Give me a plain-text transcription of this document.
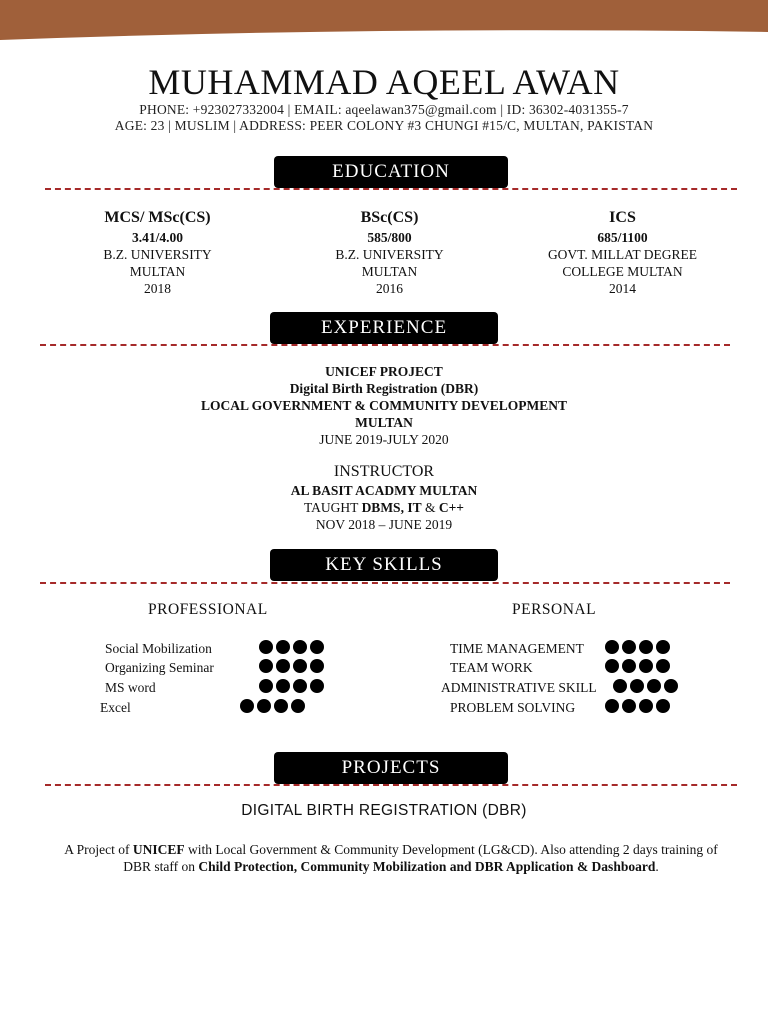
MUHAMMAD AQEEL AWAN
PHONE: +923027332004 | EMAIL: aqeelawan375@gmail.com | ID: 36302-4031355-7
AGE: 23 | MUSLIM | ADDRESS: PEER COLONY #3 CHUNGI #15/C, MULTAN, PAKISTAN
EDUCATION
MCS/ MSc(CS)
3.41/4.00
B.Z. UNIVERSITY
MULTAN
2018
BSc(CS)
585/800
B.Z. UNIVERSITY
MULTAN
2016
ICS
685/1100
GOVT. MILLAT DEGREE
COLLEGE MULTAN
2014
EXPERIENCE
UNICEF PROJECT
Digital Birth Registration (DBR)
LOCAL GOVERNMENT & COMMUNITY DEVELOPMENT
MULTAN
JUNE 2019-JULY 2020
INSTRUCTOR
AL BASIT ACADMY MULTAN
TAUGHT DBMS, IT & C++
NOV 2018 – JUNE 2019
KEY SKILLS
PROFESSIONAL	PERSONAL
Social Mobilization
Organizing Seminar
MS word
Excel
TIME MANAGEMENT
TEAM WORK
ADMINISTRATIVE SKILL
PROBLEM SOLVING
PROJECTS
DIGITAL BIRTH REGISTRATION (DBR)
A Project of UNICEF with Local Government & Community Development (LG&CD). Also attending 2 days training of DBR staff on Child Protection, Community Mobilization and DBR Application & Dashboard.
